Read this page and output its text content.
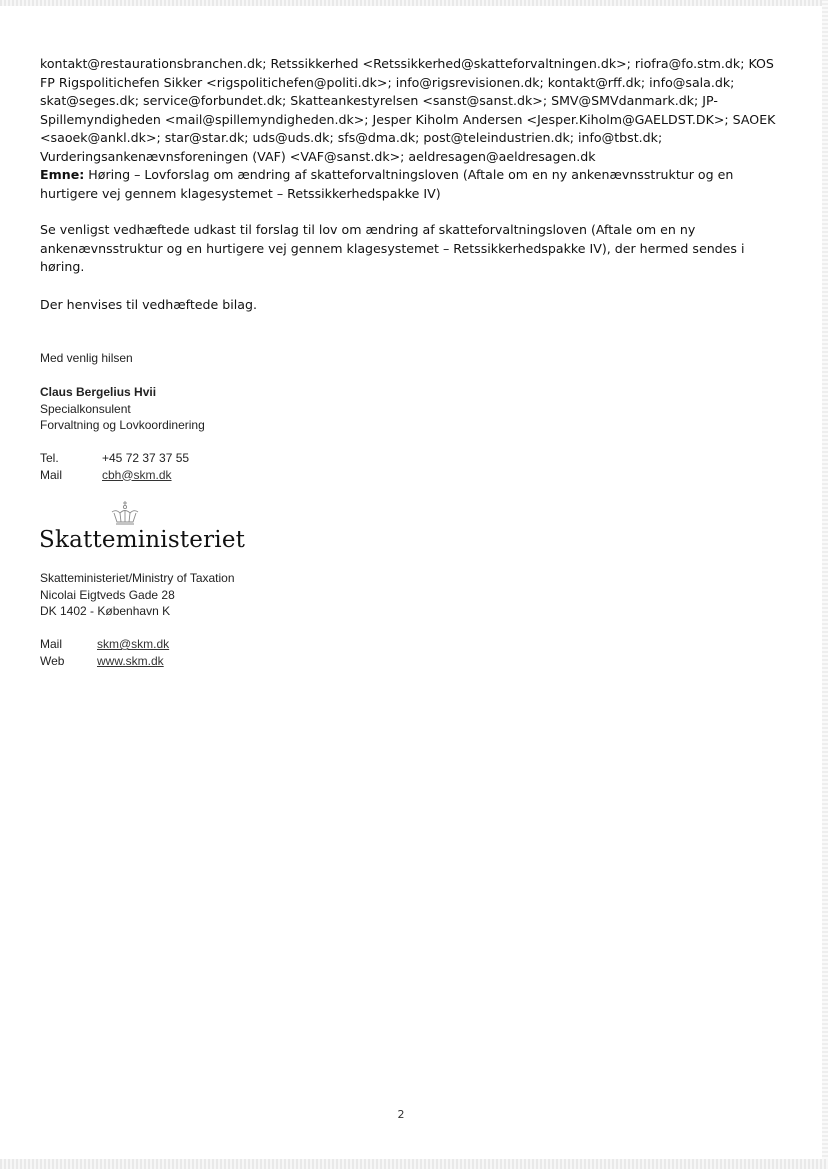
kontakt@restaurationsbranchen.dk; Retssikkerhed <Retssikkerhed@skatteforvaltningen.dk>; riofra@fo.stm.dk; KOS
FP Rigspolitichefen Sikker <rigspolitichefen@politi.dk>; info@rigsrevisionen.dk; kontakt@rff.dk; info@sala.dk;
skat@seges.dk; service@forbundet.dk; Skatteankestyrelsen <sanst@sanst.dk>; SMV@SMVdanmark.dk; JP-
Spillemyndigheden <mail@spillemyndigheden.dk>; Jesper Kiholm Andersen <Jesper.Kiholm@GAELDST.DK>; SAOEK
<saoek@ankl.dk>; star@star.dk; uds@uds.dk; sfs@dma.dk; post@teleindustrien.dk; info@tbst.dk;
Vurderingsankenævnsforeningen (VAF) <VAF@sanst.dk>; aeldresagen@aeldresagen.dk
Emne: Høring – Lovforslag om ændring af skatteforvaltningsloven (Aftale om en ny ankenævnsstruktur og en
hurtigere vej gennem klagesystemet – Retssikkerhedspakke IV)
Se venligst vedhæftede udkast til forslag til lov om ændring af skatteforvaltningsloven (Aftale om en ny
ankenævnsstruktur og en hurtigere vej gennem klagesystemet – Retssikkerhedspakke IV), der hermed sendes i
høring.
Der henvises til vedhæftede bilag.
Med venlig hilsen
Claus Bergelius Hvii
Specialkonsulent
Forvaltning og Lovkoordinering
Tel.	+45 72 37 37 55
Mail	cbh@skm.dk
Skatteministeriet
Skatteministeriet/Ministry of Taxation
Nicolai Eigtveds Gade 28
DK 1402 - København K
Mail	skm@skm.dk
Web	www.skm.dk
2
